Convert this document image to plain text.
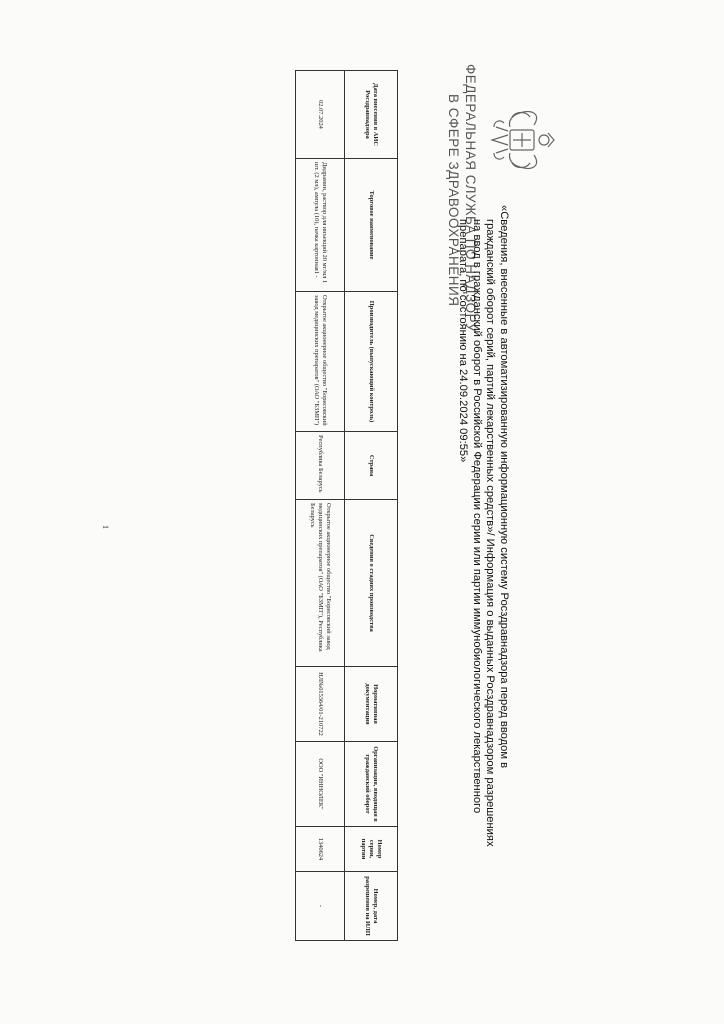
ФЕДЕРАЛЬНАЯ СЛУЖБА ПО НАДЗОРУ
В СФЕРЕ ЗДРАВООХРАНЕНИЯ
«Сведения, внесенные в автоматизированную информационную систему Росздравнадзора перед вводом в
гражданский оборот серий, партий лекарственных средств»/ Информация о выданных Росздравнадзором разрешениях
на ввод в гражданский оборот в Российской Федерации серии или партии иммунобиологического лекарственного
препарата, по состоянию на 24.09.2024 09:55»
Дата внесения в АИС Росздравнадзора	Торговое наименование	Производитель (выпускающий контроль)	Страна	Сведения о стадиях производства	Нормативная документация	Организация, вводящая в гражданский оборот	Номер серии, партии	Номер, дата разрешения на ИЛП
02.07.2024	Дидрамин, раствор для инъекций 20 мг/мл 1 шт. (2 мл), ампула (10), пачка картонная1 -	Открытое акционерное общество "Борисовский завод медицинских препаратов" (ОАО "БЗМП")	Республика Беларусь	Открытое акционерное общество "Борисовский завод медицинских препаратов" (ОАО "БЗМП"), Республика Беларусь	НЛ№015364/01-210722	ООО "ИННОЛЕК"	1340624	-
1
